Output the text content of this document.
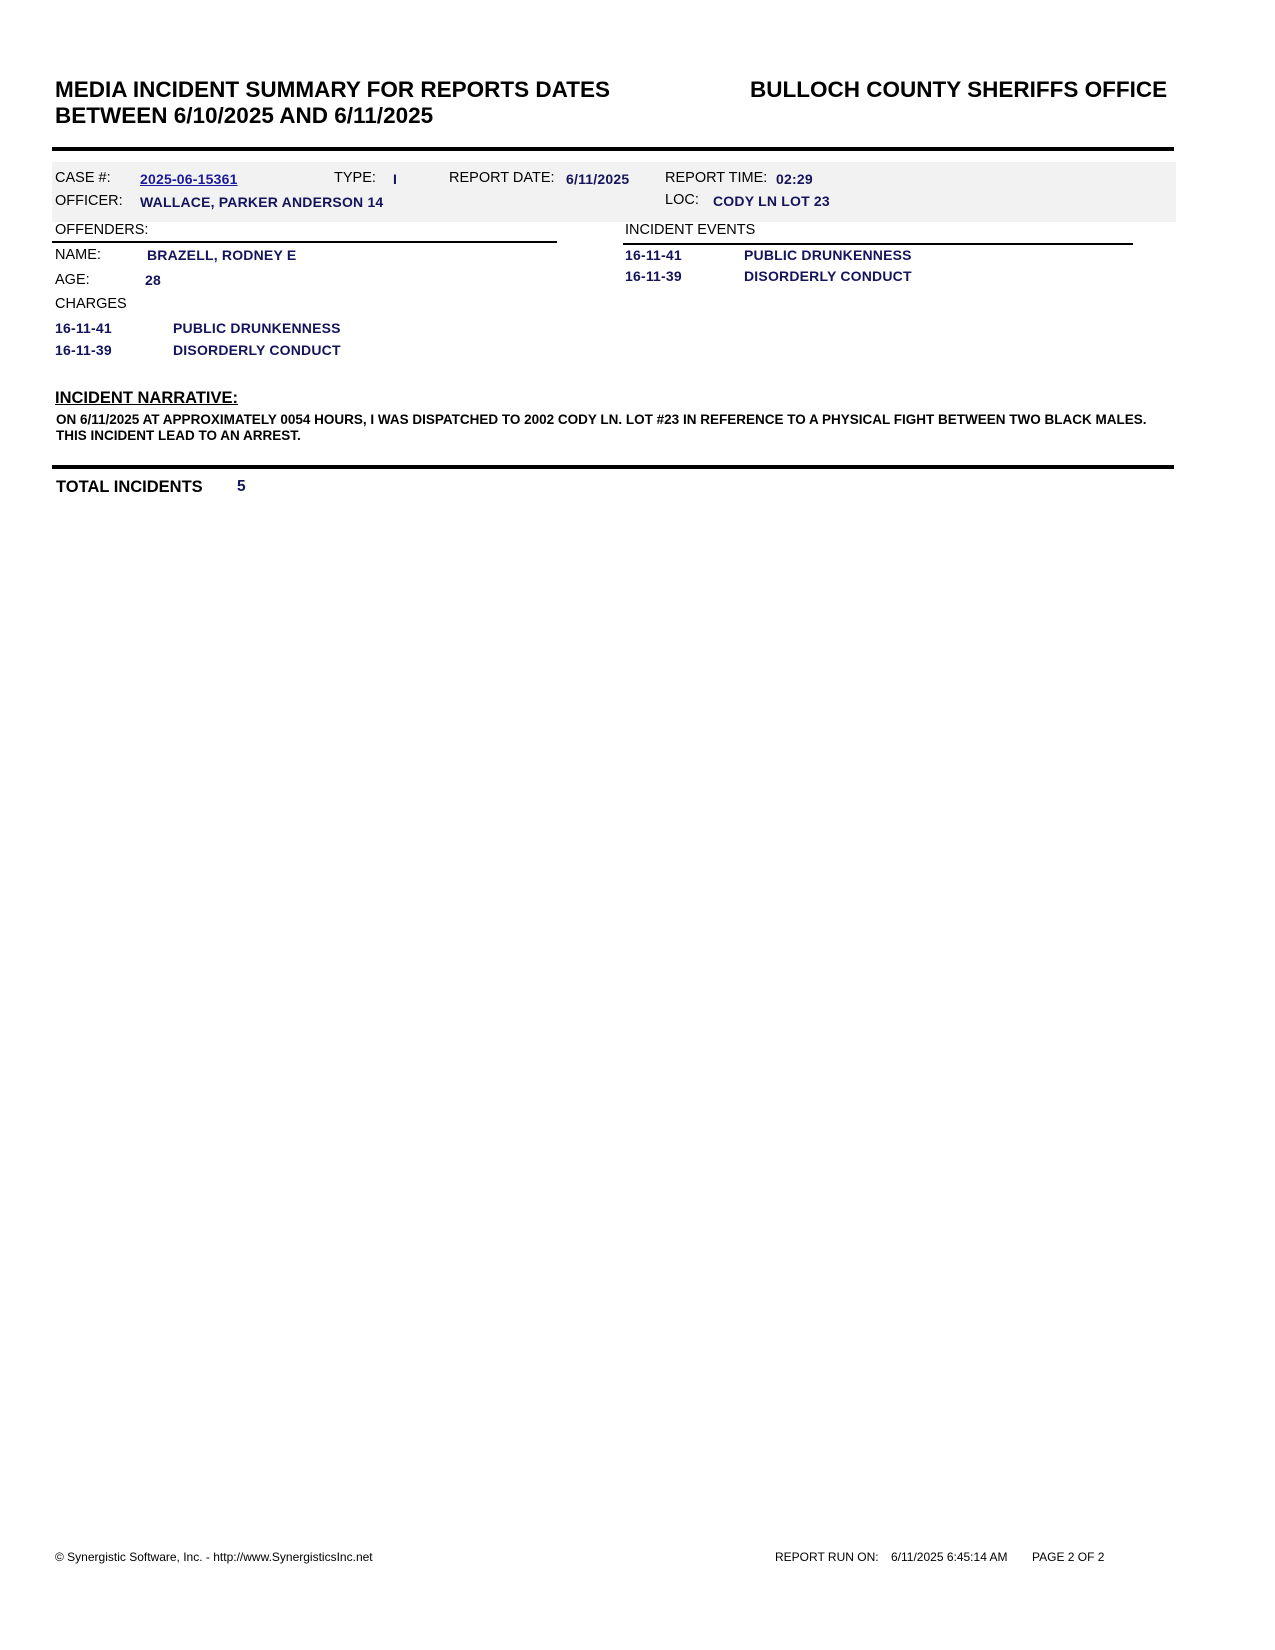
MEDIA INCIDENT SUMMARY FOR REPORTS DATES
BETWEEN 6/10/2025 AND 6/11/2025
BULLOCH COUNTY SHERIFFS OFFICE
CASE #: 2025-06-15361	TYPE: I	REPORT DATE: 6/11/2025 REPORT TIME: 02:29
OFFICER: WALLACE, PARKER ANDERSON 14	LOC: CODY LN LOT 23
OFFENDERS:
NAME:	BRAZELL, RODNEY E
AGE:	28
CHARGES
16-11-41	PUBLIC DRUNKENNESS
16-11-39	DISORDERLY CONDUCT
INCIDENT EVENTS
16-11-41	PUBLIC DRUNKENNESS
16-11-39	DISORDERLY CONDUCT
INCIDENT NARRATIVE:
ON 6/11/2025 AT APPROXIMATELY 0054 HOURS, I WAS DISPATCHED TO 2002 CODY LN. LOT #23 IN REFERENCE TO A PHYSICAL FIGHT BETWEEN TWO BLACK MALES. THIS INCIDENT LEAD TO AN ARREST.
TOTAL INCIDENTS 5
© Synergistic Software, Inc. - http://www.SynergisticsInc.net	REPORT RUN ON: 6/11/2025 6:45:14 AM PAGE 2 OF 2
